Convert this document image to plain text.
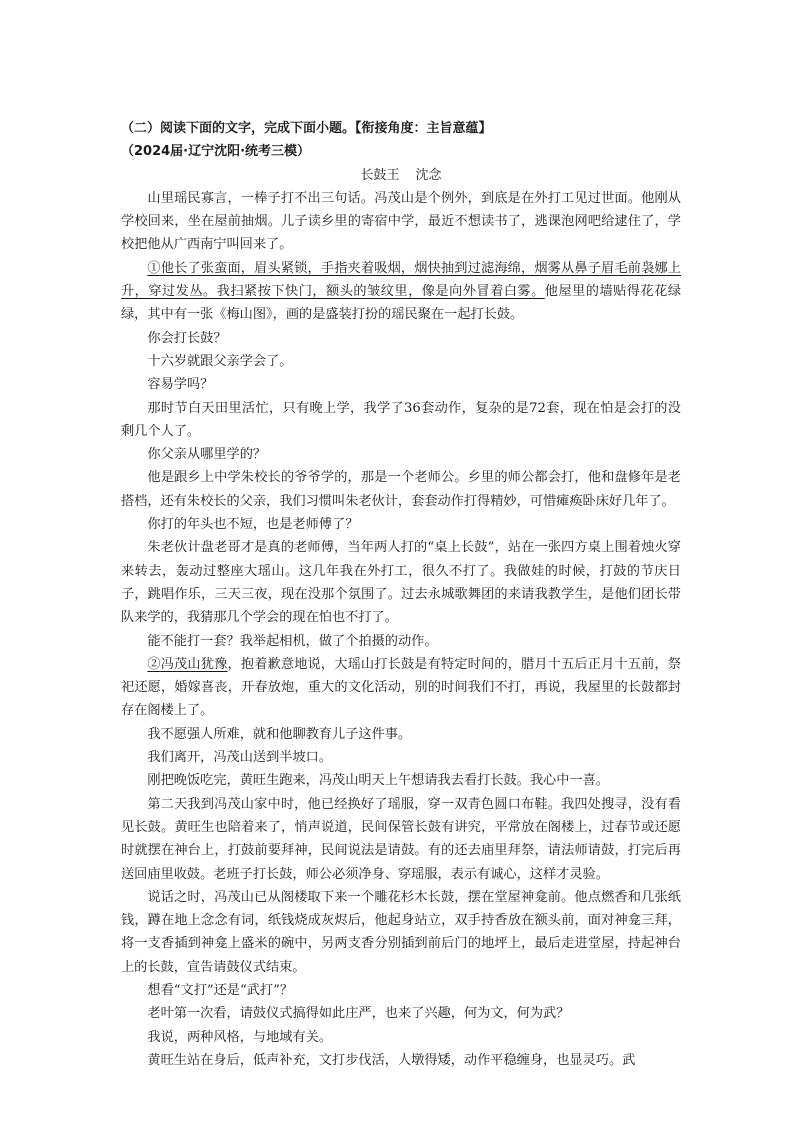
（二）阅读下面的文字，完成下面小题。【衔接角度：主旨意蕴】
（2024届·辽宁沈阳·统考三模）
长鼓王 沈念

山里瑶民寡言，一棒子打不出三句话。冯茂山是个例外，到底是在外打工见过世面。他刚从学校回来，坐在屋前抽烟。儿子读乡里的寄宿中学，最近不想读书了，逃课泡网吧给逮住了，学校把他从广西南宁叫回来了。

①他长了张蛮面，眉头紧锁，手指夹着吸烟，烟快抽到过滤海绵，烟雾从鼻子眉毛前袅娜上升，穿过发丛。我扫紧按下快门，额头的皱纹里，像是向外冒着白雾。他屋里的墙贴得花花绿绿，其中有一张《梅山图》，画的是盛装打扮的瑶民聚在一起打长鼓。

你会打长鼓？

十六岁就跟父亲学会了。

容易学吗？

那时节白天田里活忙，只有晚上学，我学了36套动作，复杂的是72套，现在怕是会打的没剩几个人了。

你父亲从哪里学的？

他是跟乡上中学朱校长的爷爷学的，那是一个老师公。乡里的师公都会打，他和盘修年是老搭档，还有朱校长的父亲，我们习惯叫朱老伙计，套套动作打得精妙，可惜瘫痪卧床好几年了。

你打的年头也不短，也是老师傅了？

朱老伙计盘老哥才是真的老师傅，当年两人打的“桌上长鼓”，站在一张四方桌上围着烛火穿来转去，轰动过整座大瑶山。这几年我在外打工，很久不打了。我做娃的时候，打鼓的节庆日子，跳唱作乐，三天三夜，现在没那个氛围了。过去永城歌舞团的来请我教学生，是他们团长带队来学的，我猜那几个学会的现在怕也不打了。

能不能打一套？我举起相机，做了个拍摄的动作。

②冯茂山犹豫，抱着歉意地说，大瑶山打长鼓是有特定时间的，腊月十五后正月十五前，祭祀还愿，婚嫁喜丧，开春放炮，重大的文化活动，别的时间我们不打，再说，我屋里的长鼓都封存在阁楼上了。

我不愿强人所难，就和他聊教育儿子这件事。

我们离开，冯茂山送到半坡口。

刚把晚饭吃完，黄旺生跑来，冯茂山明天上午想请我去看打长鼓。我心中一喜。

第二天我到冯茂山家中时，他已经换好了瑶服，穿一双青色圆口布鞋。我四处搜寻，没有看见长鼓。黄旺生也陪着来了，悄声说道，民间保管长鼓有讲究，平常放在阁楼上，过春节或还愿时就摆在神台上，打鼓前要拜神，民间说法是请鼓。有的还去庙里拜祭，请法师请鼓，打完后再送回庙里收鼓。老班子打长鼓，师公必须净身、穿瑶服，表示有诚心，这样才灵验。

说话之时，冯茂山已从阁楼取下来一个雕花杉木长鼓，摆在堂屋神龛前。他点燃香和几张纸钱，蹲在地上念念有词，纸钱烧成灰烬后，他起身站立，双手持香放在额头前，面对神龛三拜，将一支香插到神龛上盛米的碗中，另两支香分别插到前后门的地坪上，最后走进堂屋，持起神台上的长鼓，宣告请鼓仪式结束。

想看“文打”还是“武打”？

老叶第一次看，请鼓仪式搞得如此庄严，也来了兴趣，何为文，何为武？

我说，两种风格，与地域有关。

黄旺生站在身后，低声补充，文打步伐活，人墩得矮，动作平稳缠身，也显灵巧。武
